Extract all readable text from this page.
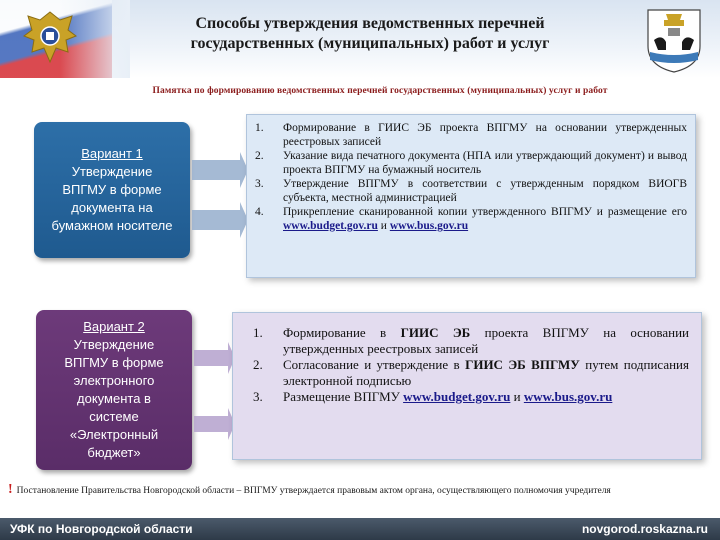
Способы утверждения ведомственных перечней
государственных (муниципальных) работ и услуг
Памятка по формированию ведомственных перечней государственных (муниципальных) услуг и работ
Вариант 1
Утверждение
ВПГМУ в форме
документа на
бумажном носителе
Вариант 2
Утверждение
ВПГМУ в форме
электронного
документа в
системе
«Электронный
бюджет»
1. Формирование в ГИИС ЭБ проекта ВПГМУ на основании утвержденных реестровых записей
2. Указание вида печатного документа (НПА или утверждающий документ) и вывод проекта ВПГМУ на бумажный носитель
3. Утверждение ВПГМУ в соответствии с утвержденным порядком ВИОГВ субъекта, местной администрацией
4. Прикрепление сканированной копии утвержденного ВПГМУ и размещение его www.budget.gov.ru и www.bus.gov.ru
1. Формирование в ГИИС ЭБ проекта ВПГМУ на основании утвержденных реестровых записей
2. Согласование и утверждение в ГИИС ЭБ ВПГМУ путем подписания электронной подписью
3. Размещение ВПГМУ www.budget.gov.ru и www.bus.gov.ru
! Постановление Правительства Новгородской области – ВПГМУ утверждается правовым актом органа, осуществляющего полномочия учредителя
УФК по Новгородской области	novgorod.roskazna.ru
